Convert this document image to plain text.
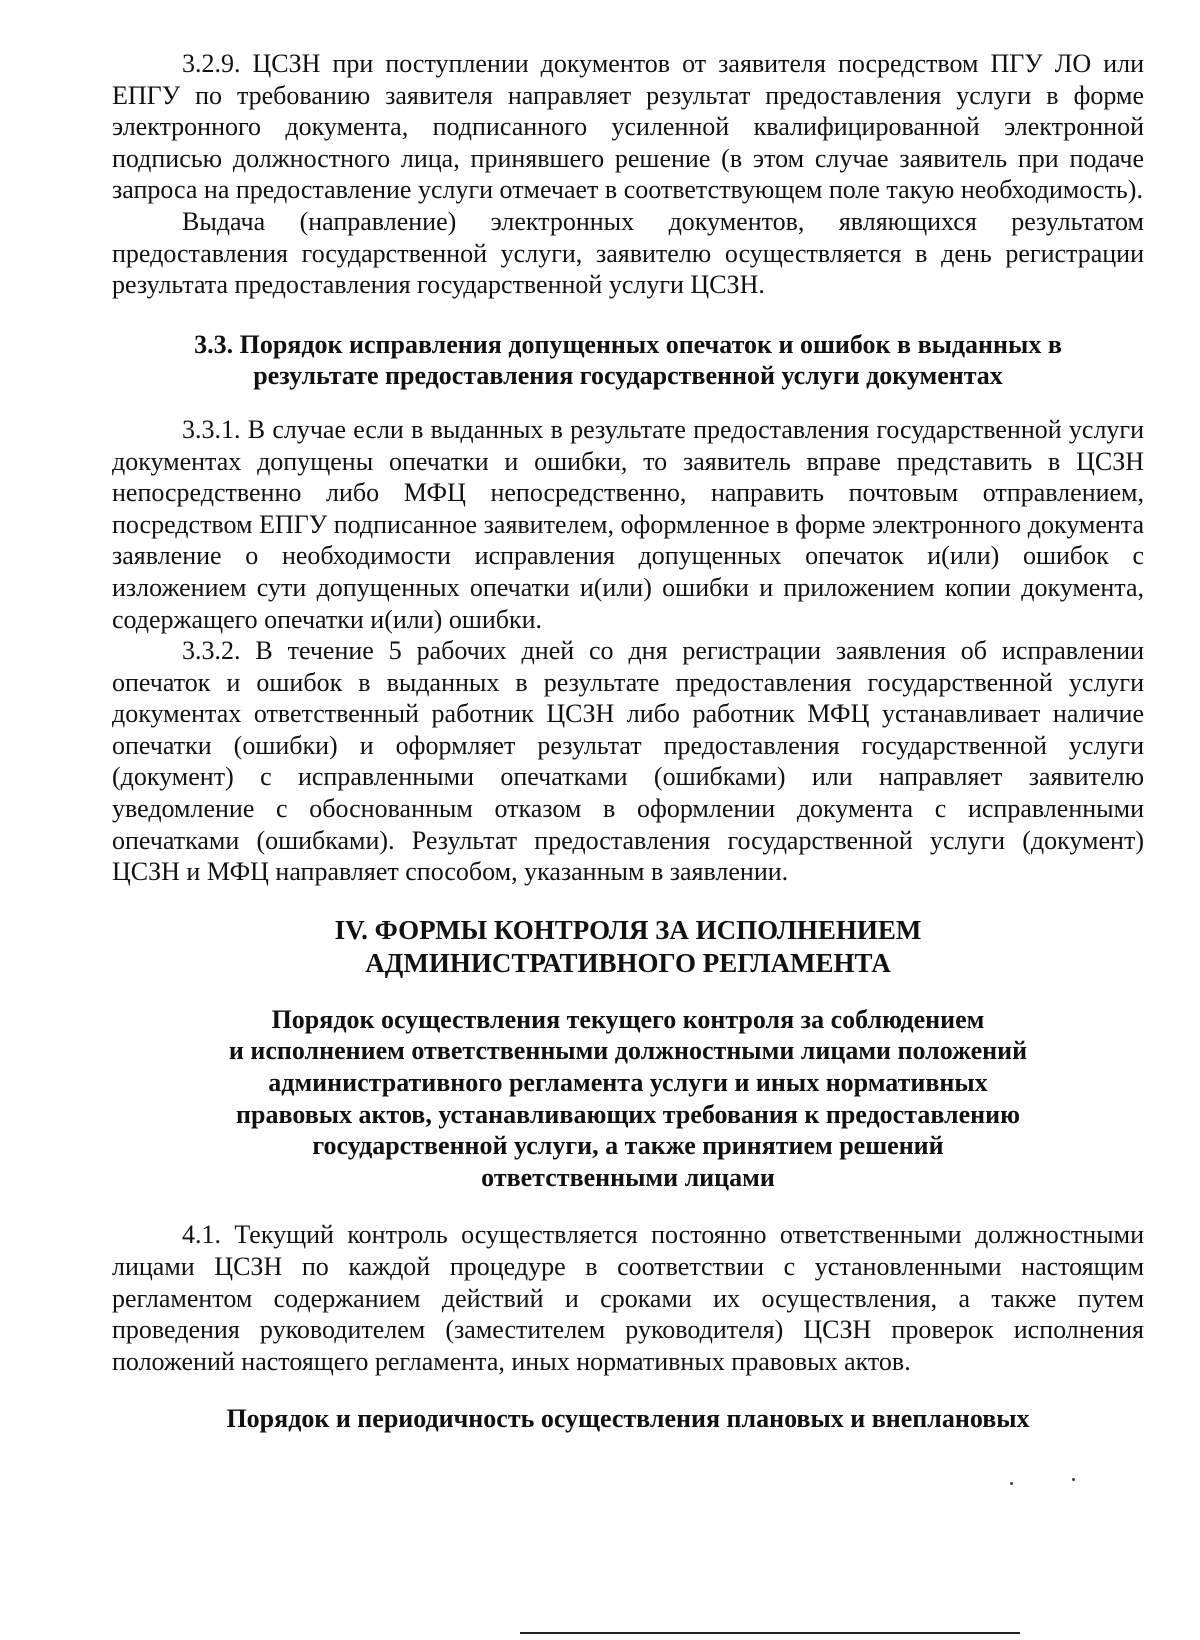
3.2.9. ЦСЗН при поступлении документов от заявителя посредством ПГУ ЛО или ЕПГУ по требованию заявителя направляет результат предоставления услуги в форме электронного документа, подписанного усиленной квалифицированной электронной подписью должностного лица, принявшего решение (в этом случае заявитель при подаче запроса на предоставление услуги отмечает в соответствующем поле такую необходимость).

Выдача (направление) электронных документов, являющихся результатом предоставления государственной услуги, заявителю осуществляется в день регистрации результата предоставления государственной услуги ЦСЗН.

3.3. Порядок исправления допущенных опечаток и ошибок в выданных в
результате предоставления государственной услуги документах

3.3.1. В случае если в выданных в результате предоставления государственной услуги документах допущены опечатки и ошибки, то заявитель вправе представить в ЦСЗН непосредственно либо МФЦ непосредственно, направить почтовым отправлением, посредством ЕПГУ подписанное заявителем, оформленное в форме электронного документа заявление о необходимости исправления допущенных опечаток и(или) ошибок с изложением сути допущенных опечатки и(или) ошибки и приложением копии документа, содержащего опечатки и(или) ошибки.

3.3.2. В течение 5 рабочих дней со дня регистрации заявления об исправлении опечаток и ошибок в выданных в результате предоставления государственной услуги документах ответственный работник ЦСЗН либо работник МФЦ устанавливает наличие опечатки (ошибки) и оформляет результат предоставления государственной услуги (документ) с исправленными опечатками (ошибками) или направляет заявителю уведомление с обоснованным отказом в оформлении документа с исправленными опечатками (ошибками). Результат предоставления государственной услуги (документ) ЦСЗН и МФЦ направляет способом, указанным в заявлении.

IV. ФОРМЫ КОНТРОЛЯ ЗА ИСПОЛНЕНИЕМ
АДМИНИСТРАТИВНОГО РЕГЛАМЕНТА
Порядок осуществления текущего контроля за соблюдением
и исполнением ответственными должностными лицами положений
административного регламента услуги и иных нормативных
правовых актов, устанавливающих требования к предоставлению
государственной услуги, а также принятием решений
ответственными лицами

4.1. Текущий контроль осуществляется постоянно ответственными должностными лицами ЦСЗН по каждой процедуре в соответствии с установленными настоящим регламентом содержанием действий и сроками их осуществления, а также путем проведения руководителем (заместителем руководителя) ЦСЗН проверок исполнения положений настоящего регламента, иных нормативных правовых актов.

Порядок и периодичность осуществления плановых и внеплановых
